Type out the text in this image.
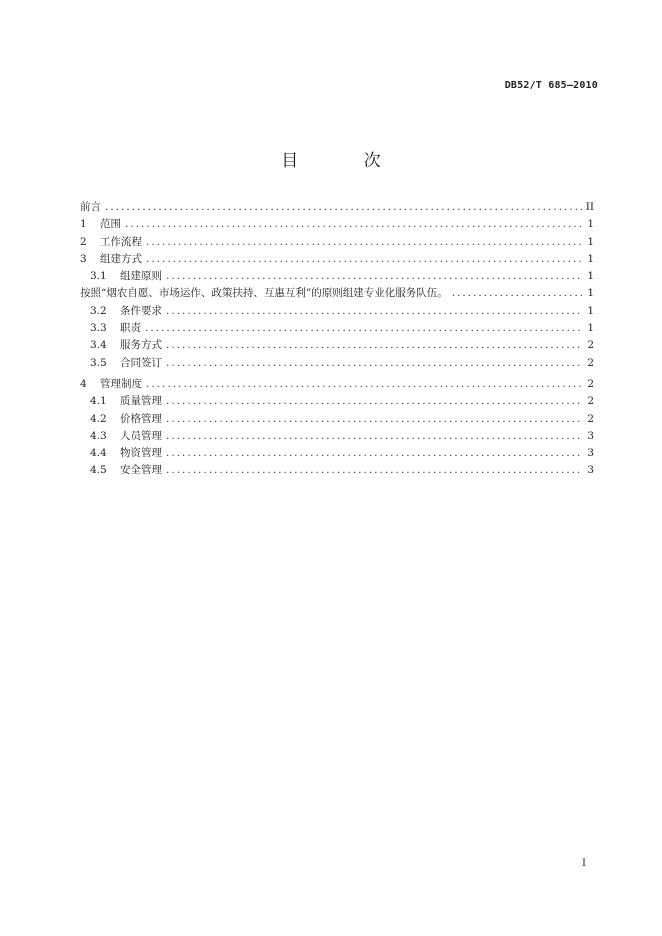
DB52/T 685—2010
目 次
前言 .....	II
1	范围 .....	1
2	工作流程 .....	1
3	组建方式 .....	1
3.1	组建原则 .....	1
按照“烟农自愿、市场运作、政策扶持、互惠互利”的原则组建专业化服务队伍。 .....	1
3.2	条件要求 .....	1
3.3	职责 .....	1
3.4	服务方式 .....	2
3.5	合同签订 .....	2
4	管理制度 .....	2
4.1	质量管理 .....	2
4.2	价格管理 .....	2
4.3	人员管理 .....	3
4.4	物资管理 .....	3
4.5	安全管理 .....	3
I
